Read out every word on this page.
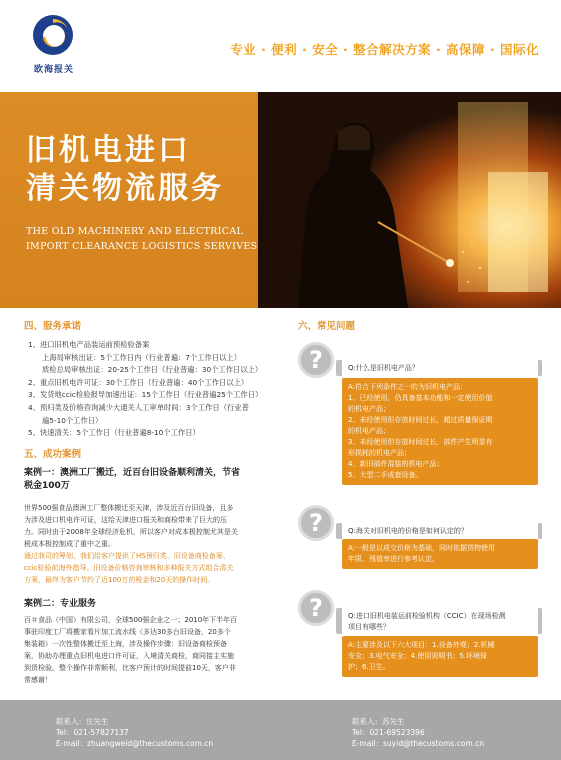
欧海报关
专业 · 便利 · 安全 · 整合解决方案 · 高保障 · 国际化
旧机电进口
清关物流服务
THE OLD MACHINERY AND ELECTRICAL
IMPORT CLEARANCE LOGISTICS SERVIVES
四、服务承诺
1、进口旧机电产品装运前预检验备案
上海局审核出证：5个工作日内（行业普遍：7个工作日以上）
质检总局审核出证：20-25个工作日（行业普遍：30个工作日以上）
2、重点旧机电许可证：30个工作日（行业普遍：40个工作日以上）
3、发货地ccic检验报导加速出证：15个工作日（行业普遍25个工作日）
4、预归类及价格咨询减少大通关人工审单时间：3个工作日（行业普
遍5-10个工作日）
5、快速清关：5个工作日（行业普遍8-10个工作日）
五、成功案例
案例一：澳洲工厂搬迁，近百台旧设备顺利清关，节省
税金100万
世界500强食品澳洲工厂整体搬迁至天津，涉及近百台旧设备，且多
为涉及进口机电许可证，这给天津进口报关和商检带来了巨大的压
力。同时由于2008年全球经济危机，所以客户对成本极控制尤其是关
税成本极控制成了重中之重。
通过我司的筹划，我们给客户提供了HS预归类、旧设备商检备案、
ccic检验前海外指导、旧设备价格咨询审核和多种报关方式组合清关
方案，最终为客户节约了近100万的税金和20天的操作时间。
案例二：专业服务
百＃食品（中国）有限公司，全球500强企业之一；2010年下半年百
事驻印度工厂将搬家看片加工流水线（多达30多台旧设备，20多个
集装箱）一次性整体搬迁至上海，涉及操作步骤：旧设备商检预备
案，协助办理重点旧机电进口许可证，入境清关商检，商同接主实施
到货检验。整个操作非常顺利，比客户预计的时间提前10天，客户非
常感谢！
六、常见问题
?	Q:什么是旧机电产品？
A:符合下列条件之一的为旧机电产品：
1、已经使用，仍具备基本功能和一定使用价值
的机电产品；
2、未经使用但存放时间过长，超过质量保证期
的机电产品；
3、未经使用但存放时间过长，部件产生明显有
形损耗的机电产品；
4、新旧部件混装的机电产品；
5、大型二手成套设备。
?	Q:海关对旧机电的价格是如何认定的？
A:一般是以成交价格为基础，同时依据货物使用
年限、残值率进行参考认定。
?	Q:进口旧机电装运前检验机构（CCIC）在现场检测
项目有哪些？
A:主要涉及以下六大项目：1.设备外观；2.机械
安全；3.电气安全；4.使用说明书；5.环境保
护；6.卫生。
联系人：庄先生
Tel：021-57827137
E-mail：zhuangweid@thecustoms.com.cn
联系人：苏先生
Tel：021-69523396
E-mail：suyid@thecustoms.com.cn
